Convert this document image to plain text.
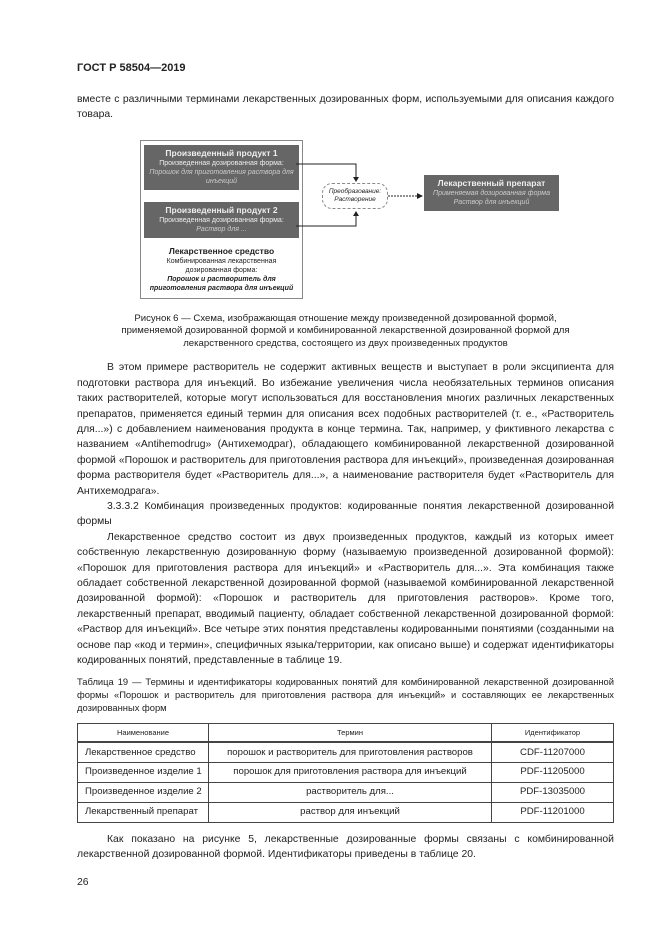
ГОСТ Р 58504—2019
вместе с различными терминами лекарственных дозированных форм, используемыми для описания каждого товара.
Произведенный продукт 1
Произведенная дозированная форма:
Порошок для приготовления раствора для инъекций
Произведенный продукт 2
Произведенная дозированная форма:
Раствор для ...
Лекарственное средство
Комбинированная лекарственная дозированная форма:
Порошок и растворитель для приготовления раствора для инъекций
Преобразование: Растворение
Лекарственный препарат
Применяемая дозированная форма
Раствор для инъекций
Рисунок 6 — Схема, изображающая отношение между произведенной дозированной формой, применяемой дозированной формой и комбинированной лекарственной дозированной формой для лекарственного средства, состоящего из двух произведенных продуктов
В этом примере растворитель не содержит активных веществ и выступает в роли эксципиента для подготовки раствора для инъекций. Во избежание увеличения числа необязательных терминов описания таких растворителей, которые могут использоваться для восстановления многих различных лекарственных препаратов, применяется единый термин для описания всех подобных растворителей (т. е., «Растворитель для...») с добавлением наименования продукта в конце термина. Так, например, у фиктивного лекарства с названием «Antihemodrug» (Антихемодраг), обладающего комбинированной лекарственной дозированной формой «Порошок и растворитель для приготовления раствора для инъекций», произведенная дозированная форма растворителя будет «Растворитель для...», а наименование растворителя будет «Растворитель для Антихемодрага».
3.3.3.2 Комбинация произведенных продуктов: кодированные понятия лекарственной дозированной формы
Лекарственное средство состоит из двух произведенных продуктов, каждый из которых имеет собственную лекарственную дозированную форму (называемую произведенной дозированной формой): «Порошок для приготовления раствора для инъекций» и «Растворитель для...». Эта комбинация также обладает собственной лекарственной дозированной формой (называемой комбинированной лекарственной дозированной формой): «Порошок и растворитель для приготовления растворов». Кроме того, лекарственный препарат, вводимый пациенту, обладает собственной лекарственной дозированной формой: «Раствор для инъекций». Все четыре этих понятия представлены кодированными понятиями (созданными на основе пар «код и термин», специфичных языка/территории, как описано выше) и содержат идентификаторы кодированных понятий, представленные в таблице 19.
Таблица 19 — Термины и идентификаторы кодированных понятий для комбинированной лекарственной дозированной формы «Порошок и растворитель для приготовления раствора для инъекций» и составляющих ее лекарственных дозированных форм
Наименование	Термин	Идентификатор
Лекарственное средство	порошок и растворитель для приготовления растворов	CDF-11207000
Произведенное изделие 1	порошок для приготовления раствора для инъекций	PDF-11205000
Произведенное изделие 2	растворитель для...	PDF-13035000
Лекарственный препарат	раствор для инъекций	PDF-11201000
Как показано на рисунке 5, лекарственные дозированные формы связаны с комбинированной лекарственной дозированной формой. Идентификаторы приведены в таблице 20.
26
